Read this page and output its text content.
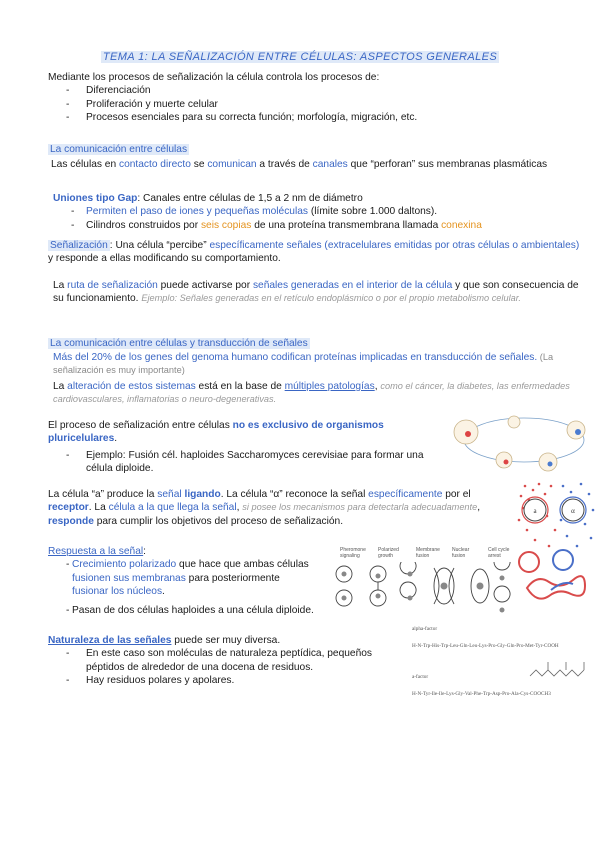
TEMA 1: LA SEÑALIZACIÓN ENTRE CÉLULAS: ASPECTOS GENERALES

Mediante los procesos de señalización la célula controla los procesos de:

- Diferenciación
- Proliferación y muerte celular
- Procesos esenciales para su correcta función; morfología, migración, etc.
La comunicación entre células
Las células en contacto directo se comunican a través de canales que “perforan” sus membranas plasmáticas

Uniones tipo Gap: Canales entre células de 1,5 a 2 nm de diámetro

- Permiten el paso de iones y pequeñas moléculas (límite sobre 1.000 daltons).
- Cilindros construidos por seis copias de una proteína transmembrana llamada conexina
Señalización : Una célula “percibe” específicamente señales (extracelulares emitidas por otras células o ambientales) y responde a ellas modificando su comportamiento.
La ruta de señalización puede activarse por señales generadas en el interior de la célula y que son consecuencia de su funcionamiento. Ejemplo: Señales generadas en el retículo endoplásmico o por el propio metabolismo celular.
La comunicación entre células y transducción de señales
Más del 20% de los genes del genoma humano codifican proteínas implicadas en transducción de señales. (La señalización es muy importante)
La alteración de estos sistemas está en la base de múltiples patologías, como el cáncer, la diabetes, las enfermedades cardiovasculares, inflamatorias o neuro-degenerativas.
El proceso de señalización entre células no es exclusivo de organismos pluricelulares.
- Ejemplo: Fusión cél. haploides Saccharomyces cerevisiae para formar una célula diploide.
La célula “a” produce la señal ligando. La célula “α” reconoce la señal específicamente por el receptor. La célula a la que llega la señal, si posee los mecanismos para detectarla adecuadamente, responde para cumplir los objetivos del proceso de señalización.

Respuesta a la señal:

- Crecimiento polarizado que hace que ambas células fusionen sus membranas para posteriormente fusionar los núcleos.
- Pasan de dos células haploides a una célula diploide.

Naturaleza de las señales puede ser muy diversa.

- En este caso son moléculas de naturaleza peptídica, pequeños péptidos de alrededor de una docena de residuos.
- Hay residuos polares y apolares.
a	α
Pheromone signaling
Polarized growth
Membrane fusion
Nuclear fusion
Cell cycle arrest
alpha-factor
H-N-Trp-His-Trp-Leu-Gln-Leu-Lys-Pro-Gly-Gln-Pro-Met-Tyr-COOH
a-factor
H-N-Tyr-Ile-Ile-Lys-Gly-Val-Phe-Trp-Asp-Pro-Ala-Cys-COOCH3
